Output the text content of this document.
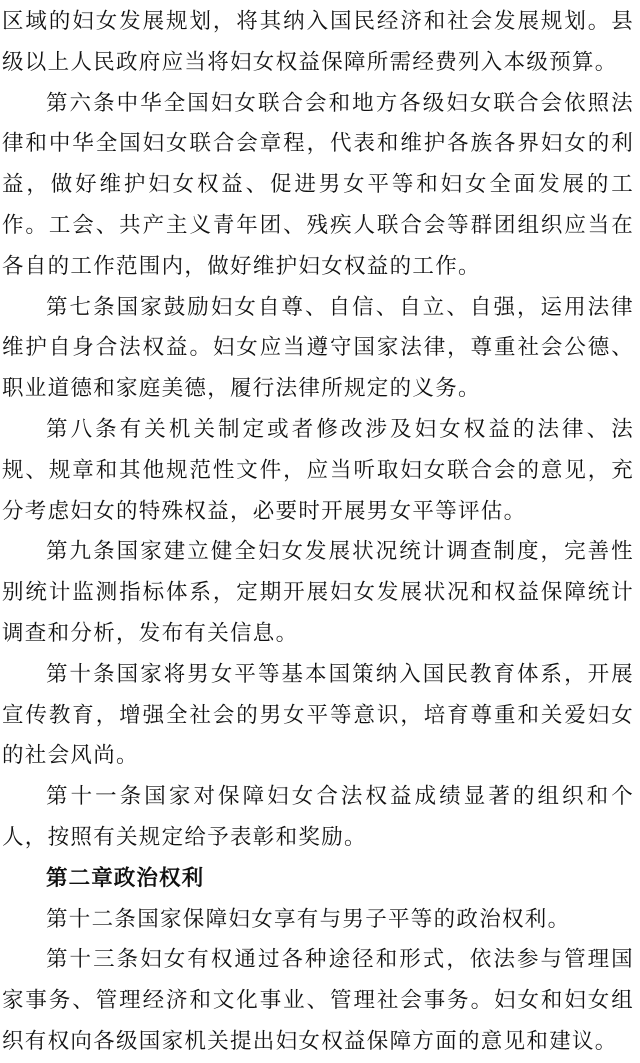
区域的妇女发展规划，将其纳入国民经济和社会发展规划。县级以上人民政府应当将妇女权益保障所需经费列入本级预算。

第六条中华全国妇女联合会和地方各级妇女联合会依照法律和中华全国妇女联合会章程，代表和维护各族各界妇女的利益，做好维护妇女权益、促进男女平等和妇女全面发展的工作。工会、共产主义青年团、残疾人联合会等群团组织应当在各自的工作范围内，做好维护妇女权益的工作。

第七条国家鼓励妇女自尊、自信、自立、自强，运用法律维护自身合法权益。妇女应当遵守国家法律，尊重社会公德、职业道德和家庭美德，履行法律所规定的义务。

第八条有关机关制定或者修改涉及妇女权益的法律、法规、规章和其他规范性文件，应当听取妇女联合会的意见，充分考虑妇女的特殊权益，必要时开展男女平等评估。

第九条国家建立健全妇女发展状况统计调查制度，完善性别统计监测指标体系，定期开展妇女发展状况和权益保障统计调查和分析，发布有关信息。

第十条国家将男女平等基本国策纳入国民教育体系，开展宣传教育，增强全社会的男女平等意识，培育尊重和关爱妇女的社会风尚。

第十一条国家对保障妇女合法权益成绩显著的组织和个人，按照有关规定给予表彰和奖励。

第二章政治权利

第十二条国家保障妇女享有与男子平等的政治权利。

第十三条妇女有权通过各种途径和形式，依法参与管理国家事务、管理经济和文化事业、管理社会事务。妇女和妇女组织有权向各级国家机关提出妇女权益保障方面的意见和建议。
